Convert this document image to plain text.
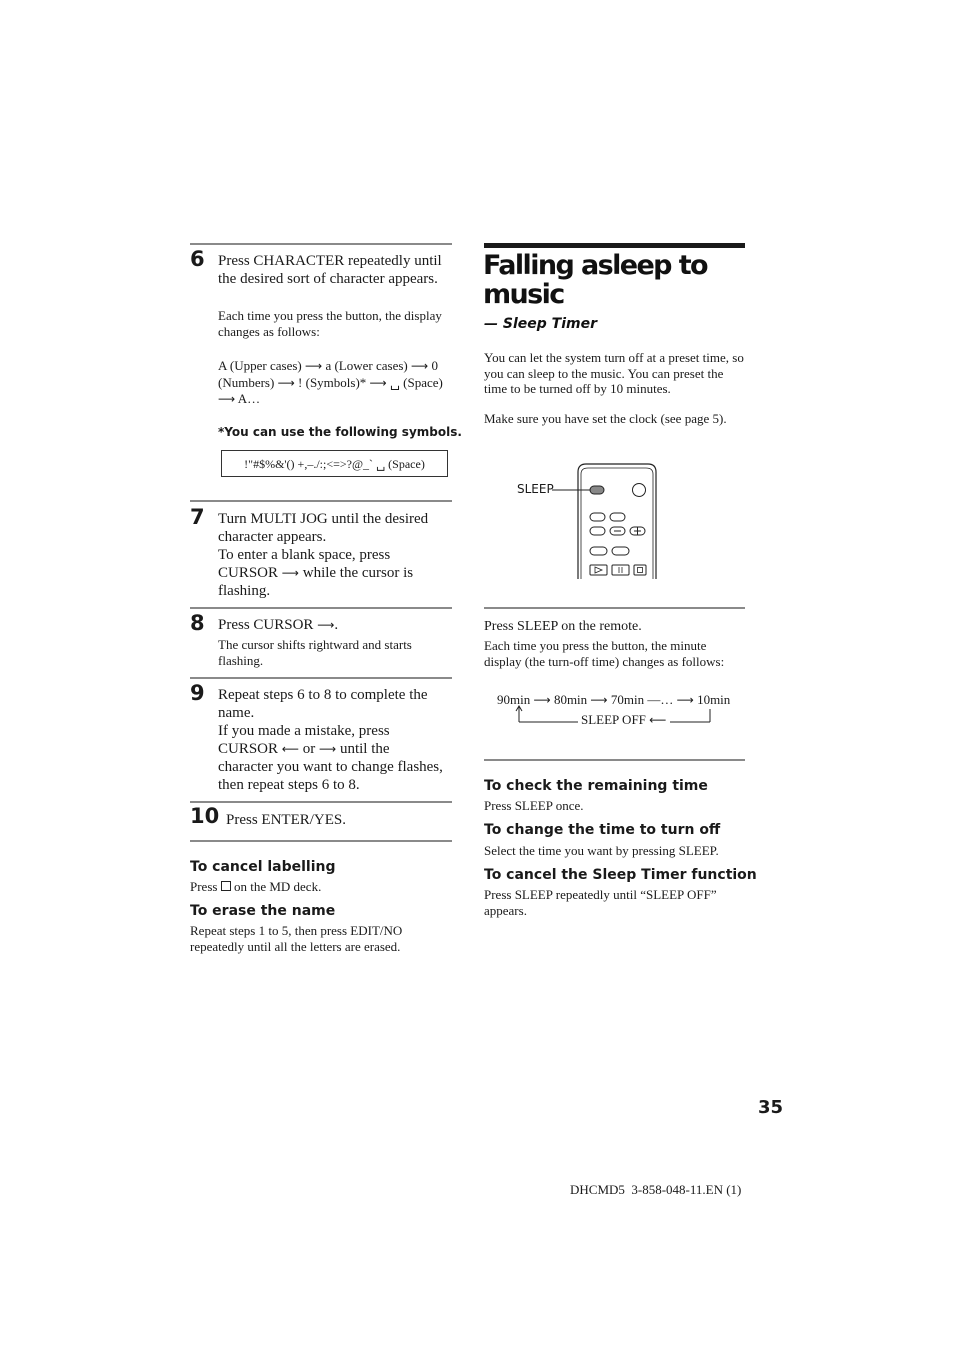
6 Press CHARACTER repeatedly until the desired sort of character appears.
Each time you press the button, the display changes as follows:
A (Upper cases) ⟶ a (Lower cases) ⟶ 0 (Numbers) ⟶ ! (Symbols)* ⟶ ␣ (Space) ⟶ A…
*You can use the following symbols.
!"#$%&'() +,–./:;<=>?@_` ␣ (Space)
7 Turn MULTI JOG until the desired character appears.
To enter a blank space, press CURSOR ⟶ while the cursor is flashing.
8 Press CURSOR ⟶.
The cursor shifts rightward and starts flashing.
9 Repeat steps 6 to 8 to complete the name.
If you made a mistake, press CURSOR ⟵ or ⟶ until the character you want to change flashes, then repeat steps 6 to 8.
10 Press ENTER/YES.
To cancel labelling
Press on the MD deck.
To erase the name
Repeat steps 1 to 5, then press EDIT/NO repeatedly until all the letters are erased.
Falling asleep to music
— Sleep Timer
You can let the system turn off at a preset time, so you can sleep to the music. You can preset the time to be turned off by 10 minutes.
Make sure you have set the clock (see page 5).
SLEEP
Press SLEEP on the remote.
Each time you press the button, the minute display (the turn-off time) changes as follows:
90min ⟶ 80min ⟶ 70min —… ⟶ 10min
SLEEP OFF ⟵
To check the remaining time
Press SLEEP once.
To change the time to turn off
Select the time you want by pressing SLEEP.
To cancel the Sleep Timer function
Press SLEEP repeatedly until “SLEEP OFF” appears.
35
DHCMD5  3-858-048-11.EN (1)
